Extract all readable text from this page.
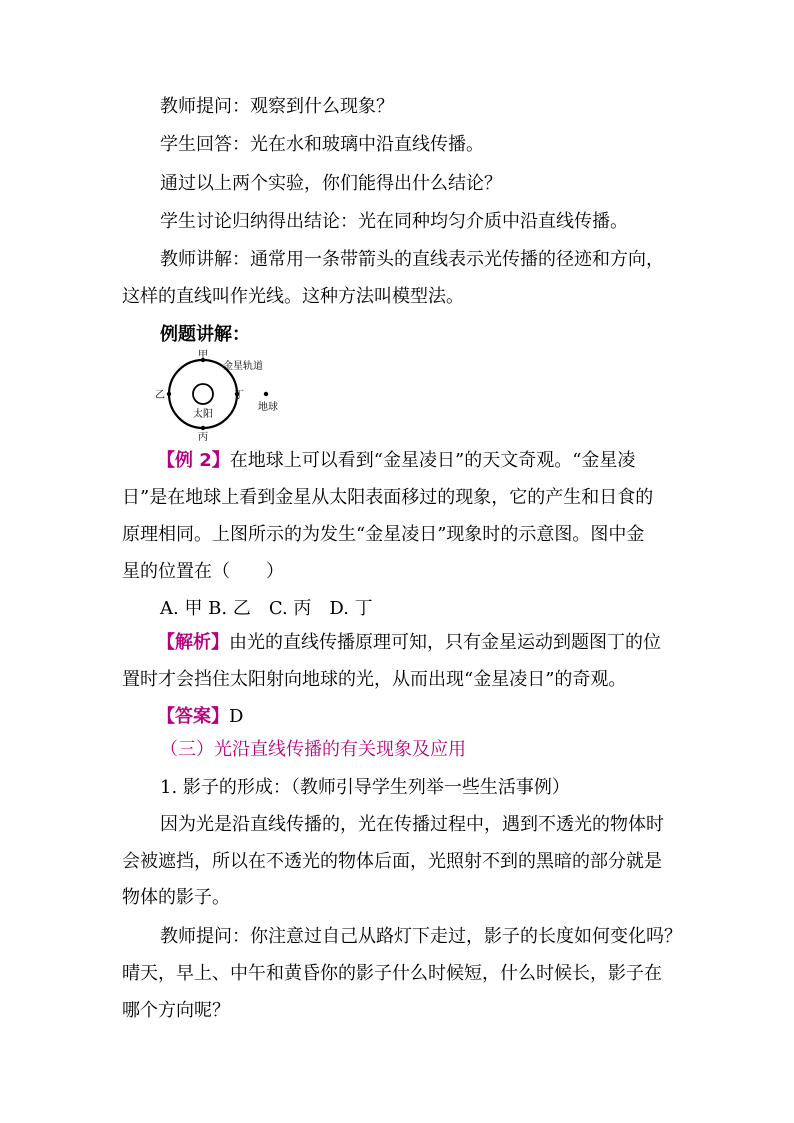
教师提问：观察到什么现象？
学生回答：光在水和玻璃中沿直线传播。
通过以上两个实验，你们能得出什么结论？
学生讨论归纳得出结论：光在同种均匀介质中沿直线传播。
教师讲解：通常用一条带箭头的直线表示光传播的径迹和方向，
这样的直线叫作光线。这种方法叫模型法。
例题讲解：
甲
乙	丁
丙
太阳
金星轨道
地球
【例 2】在地球上可以看到“金星凌日”的天文奇观。“金星凌
日”是在地球上看到金星从太阳表面移过的现象，它的产生和日食的
原理相同。上图所示的为发生“金星凌日”现象时的示意图。图中金
星的位置在（　　）
A. 甲 B. 乙　C. 丙　D. 丁
【解析】由光的直线传播原理可知，只有金星运动到题图丁的位
置时才会挡住太阳射向地球的光，从而出现“金星凌日”的奇观。
【答案】D
（三）光沿直线传播的有关现象及应用
1. 影子的形成：（教师引导学生列举一些生活事例）
因为光是沿直线传播的，光在传播过程中，遇到不透光的物体时
会被遮挡，所以在不透光的物体后面，光照射不到的黑暗的部分就是
物体的影子。
教师提问：你注意过自己从路灯下走过，影子的长度如何变化吗？
晴天，早上、中午和黄昏你的影子什么时候短，什么时候长，影子在
哪个方向呢？
